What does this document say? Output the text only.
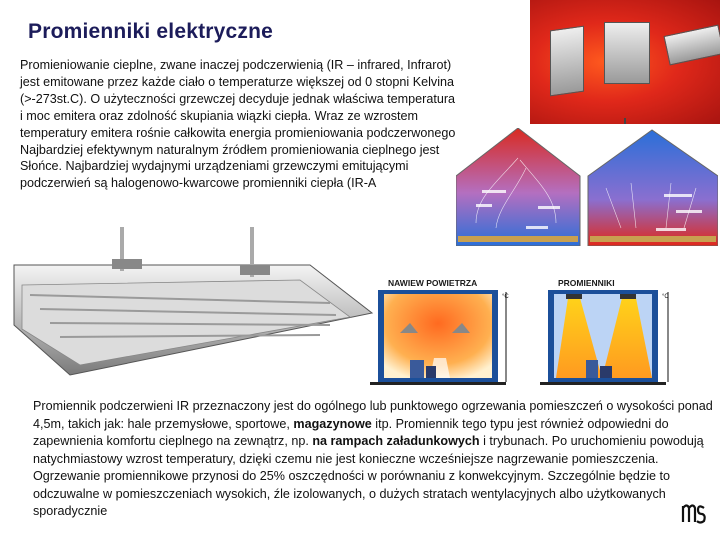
Promienniki elektryczne
Promieniowanie cieplne, zwane inaczej podczerwienią (IR – infrared, Infrarot) jest emitowane przez każde ciało o temperaturze większej od 0 stopni Kelvina (>-273st.C). O użyteczności grzewczej decyduje jednak właściwa temperatura i moc emitera oraz zdolność skupiania wiązki ciepła. Wraz ze wzrostem temperatury emitera rośnie całkowita energia promieniowania podczerwonego Najbardziej efektywnym naturalnym źródłem promieniowania cieplnego jest Słońce. Najbardziej wydajnymi urządzeniami grzewczymi emitującymi podczerwień są halogenowo-kwarcowe promienniki ciepła (IR-A
NAWIEW POWIETRZA	PROMIENNIKI
°C	°C
Promiennik podczerwieni IR przeznaczony jest do ogólnego lub punktowego ogrzewania pomieszczeń o wysokości ponad 4,5m, takich jak: hale przemysłowe, sportowe, magazynowe itp. Promiennik tego typu jest również odpowiedni do zapewnienia komfortu cieplnego na zewnątrz, np. na rampach załadunkowych i trybunach. Po uruchomieniu powodują natychmiastowy wzrost temperatury, dzięki czemu nie jest konieczne wcześniejsze nagrzewanie pomieszczenia. Ogrzewanie promiennikowe przynosi do 25% oszczędności w porównaniu z konwekcyjnym. Szczególnie będzie to odczuwalne w pomieszczeniach wysokich, źle izolowanych, o dużych stratach wentylacyjnych albo użytkowanych sporadycznie
